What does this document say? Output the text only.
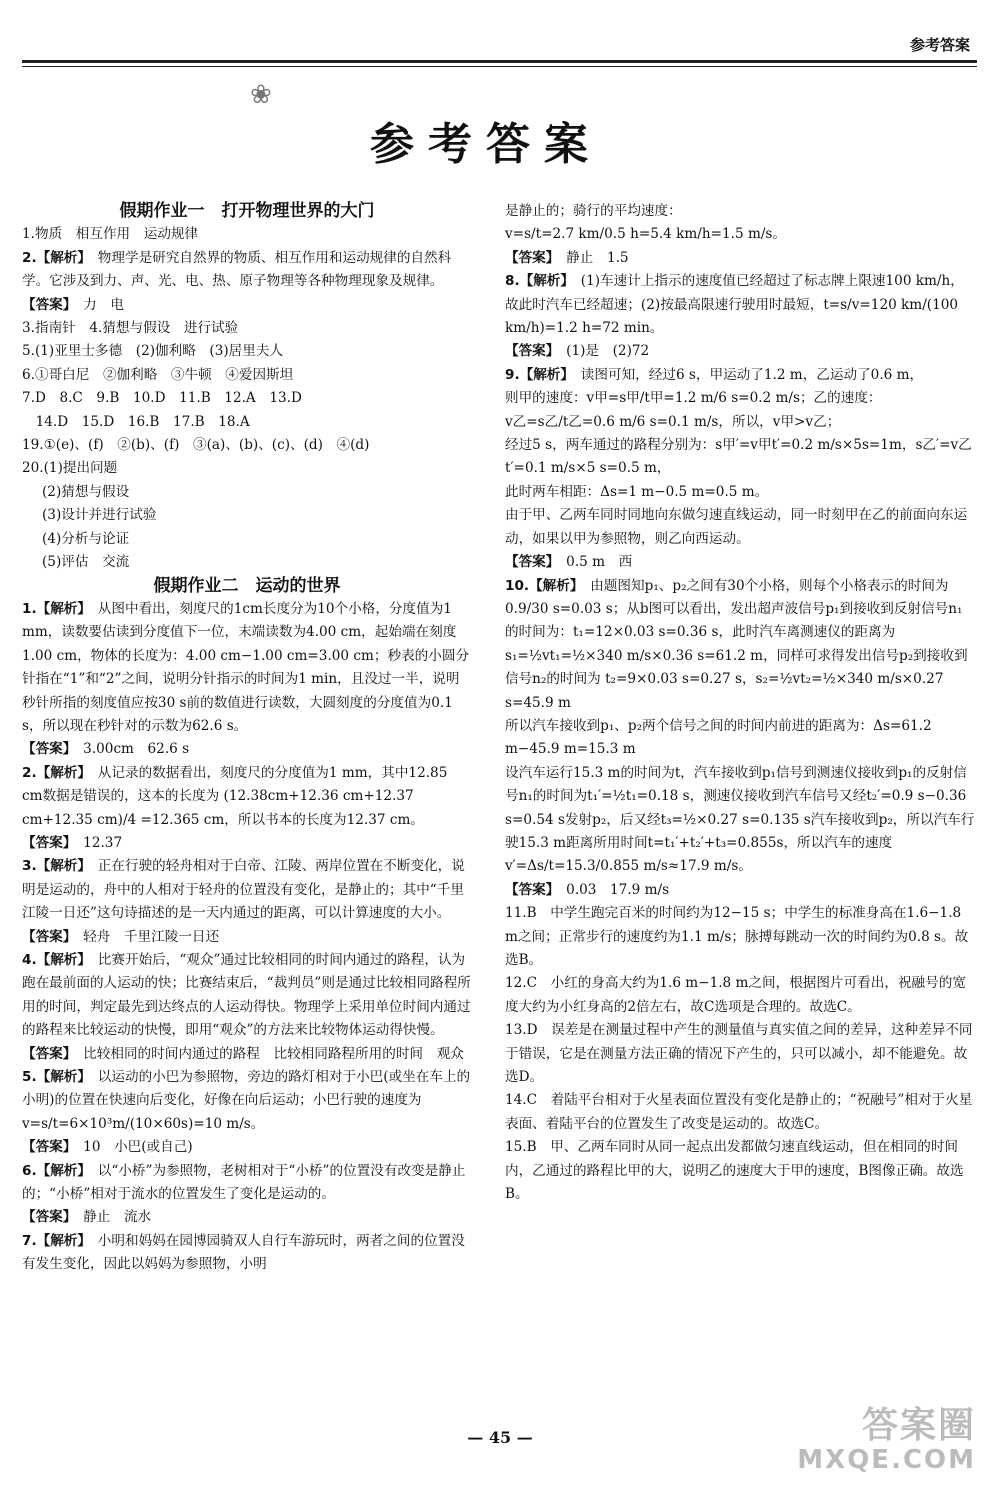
参考答案
❀
参考答案

假期作业一　打开物理世界的大门

1.物质　相互作用　运动规律

2.【解析】　物理学是研究自然界的物质、相互作用和运动规律的自然科学。它涉及到力、声、光、电、热、原子物理等各种物理现象及规律。

【答案】　力　电

3.指南针　4.猜想与假设　进行试验

5.(1)亚里士多德　(2)伽利略　(3)居里夫人

6.①哥白尼　②伽利略　③牛顿　④爱因斯坦

7.D　8.C　9.B　10.D　11.B　12.A　13.D

　14.D　15.D　16.B　17.B　18.A

19.①(e)、(f)　②(b)、(f)　③(a)、(b)、(c)、(d)　④(d)

20.(1)提出问题

(2)猜想与假设

(3)设计并进行试验

(4)分析与论证

(5)评估　交流

假期作业二　运动的世界

1.【解析】　从图中看出，刻度尺的1cm长度分为10个小格，分度值为1 mm，读数要估读到分度值下一位，末端读数为4.00 cm，起始端在刻度1.00 cm，物体的长度为：4.00 cm−1.00 cm=3.00 cm；秒表的小圆分针指在“1”和“2”之间，说明分针指示的时间为1 min，且没过一半，说明秒针所指的刻度值应按30 s前的数值进行读数，大圆刻度的分度值为0.1 s，所以现在秒针对的示数为62.6 s。

【答案】　3.00cm　62.6 s

2.【解析】　从记录的数据看出，刻度尺的分度值为1 mm，其中12.85 cm数据是错误的，这本的长度为 (12.38cm+12.36 cm+12.37 cm+12.35 cm)/4 =12.365 cm，所以书本的长度为12.37 cm。

【答案】　12.37

3.【解析】　正在行驶的轻舟相对于白帝、江陵、两岸位置在不断变化，说明是运动的，舟中的人相对于轻舟的位置没有变化，是静止的；其中“千里江陵一日还”这句诗描述的是一天内通过的距离，可以计算速度的大小。

【答案】　轻舟　千里江陵一日还

4.【解析】　比赛开始后，“观众”通过比较相同的时间内通过的路程，认为跑在最前面的人运动的快；比赛结束后，“裁判员”则是通过比较相同路程所用的时间，判定最先到达终点的人运动得快。物理学上采用单位时间内通过的路程来比较运动的快慢，即用“观众”的方法来比较物体运动得快慢。

【答案】　比较相同的时间内通过的路程　比较相同路程所用的时间　观众

5.【解析】　以运动的小巴为参照物，旁边的路灯相对于小巴(或坐在车上的小明)的位置在快速向后变化，好像在向后运动；小巴行驶的速度为 v=s/t=6×10³m/(10×60s)=10 m/s。

【答案】　10　小巴(或自己)

6.【解析】　以“小桥”为参照物，老树相对于“小桥”的位置没有改变是静止的；“小桥”相对于流水的位置发生了变化是运动的。

【答案】　静止　流水

7.【解析】　小明和妈妈在园博园骑双人自行车游玩时，两者之间的位置没有发生变化，因此以妈妈为参照物，小明

是静止的；骑行的平均速度：

v=s/t=2.7 km/0.5 h=5.4 km/h=1.5 m/s。

【答案】　静止　1.5

8.【解析】　(1)车速计上指示的速度值已经超过了标志牌上限速100 km/h，故此时汽车已经超速；(2)按最高限速行驶用时最短，t=s/v=120 km/(100 km/h)=1.2 h=72 min。

【答案】　(1)是　(2)72

9.【解析】　读图可知，经过6 s，甲运动了1.2 m，乙运动了0.6 m，

则甲的速度：v甲=s甲/t甲=1.2 m/6 s=0.2 m/s；乙的速度：

v乙=s乙/t乙=0.6 m/6 s=0.1 m/s，所以，v甲>v乙；

经过5 s，两车通过的路程分别为：s甲′=v甲t′=0.2 m/s×5s=1m，s乙′=v乙t′=0.1 m/s×5 s=0.5 m，

此时两车相距：Δs=1 m−0.5 m=0.5 m。

由于甲、乙两车同时同地向东做匀速直线运动，同一时刻甲在乙的前面向东运动，如果以甲为参照物，则乙向西运动。

【答案】　0.5 m　西

10.【解析】　由题图知p₁、p₂之间有30个小格，则每个小格表示的时间为0.9/30 s=0.03 s；从b图可以看出，发出超声波信号p₁到接收到反射信号n₁的时间为：t₁=12×0.03 s=0.36 s，此时汽车离测速仪的距离为 s₁=½vt₁=½×340 m/s×0.36 s=61.2 m，同样可求得发出信号p₂到接收到信号n₂的时间为 t₂=9×0.03 s=0.27 s，s₂=½vt₂=½×340 m/s×0.27 s=45.9 m

所以汽车接收到p₁、p₂两个信号之间的时间内前进的距离为：Δs=61.2 m−45.9 m=15.3 m

设汽车运行15.3 m的时间为t，汽车接收到p₁信号到测速仪接收到p₁的反射信号n₁的时间为t₁′=½t₁=0.18 s，测速仪接收到汽车信号又经t₂′=0.9 s−0.36 s=0.54 s发射p₂，后又经t₃=½×0.27 s=0.135 s汽车接收到p₂，所以汽车行驶15.3 m距离所用时间t=t₁′+t₂′+t₃=0.855s，所以汽车的速度 v′=Δs/t=15.3/0.855 m/s≈17.9 m/s。

【答案】　0.03　17.9 m/s

11.B　中学生跑完百米的时间约为12−15 s；中学生的标准身高在1.6−1.8 m之间；正常步行的速度约为1.1 m/s；脉搏每跳动一次的时间约为0.8 s。故选B。

12.C　小红的身高大约为1.6 m−1.8 m之间，根据图片可看出，祝融号的宽度大约为小红身高的2倍左右，故C选项是合理的。故选C。

13.D　误差是在测量过程中产生的测量值与真实值之间的差异，这种差异不同于错误，它是在测量方法正确的情况下产生的，只可以减小，却不能避免。故选D。

14.C　着陆平台相对于火星表面位置没有变化是静止的；“祝融号”相对于火星表面、着陆平台的位置发生了改变是运动的。故选C。

15.B　甲、乙两车同时从同一起点出发都做匀速直线运动，但在相同的时间内，乙通过的路程比甲的大，说明乙的速度大于甲的速度，B图像正确。故选B。

— 45 —	答案圈
MXQE.COM
